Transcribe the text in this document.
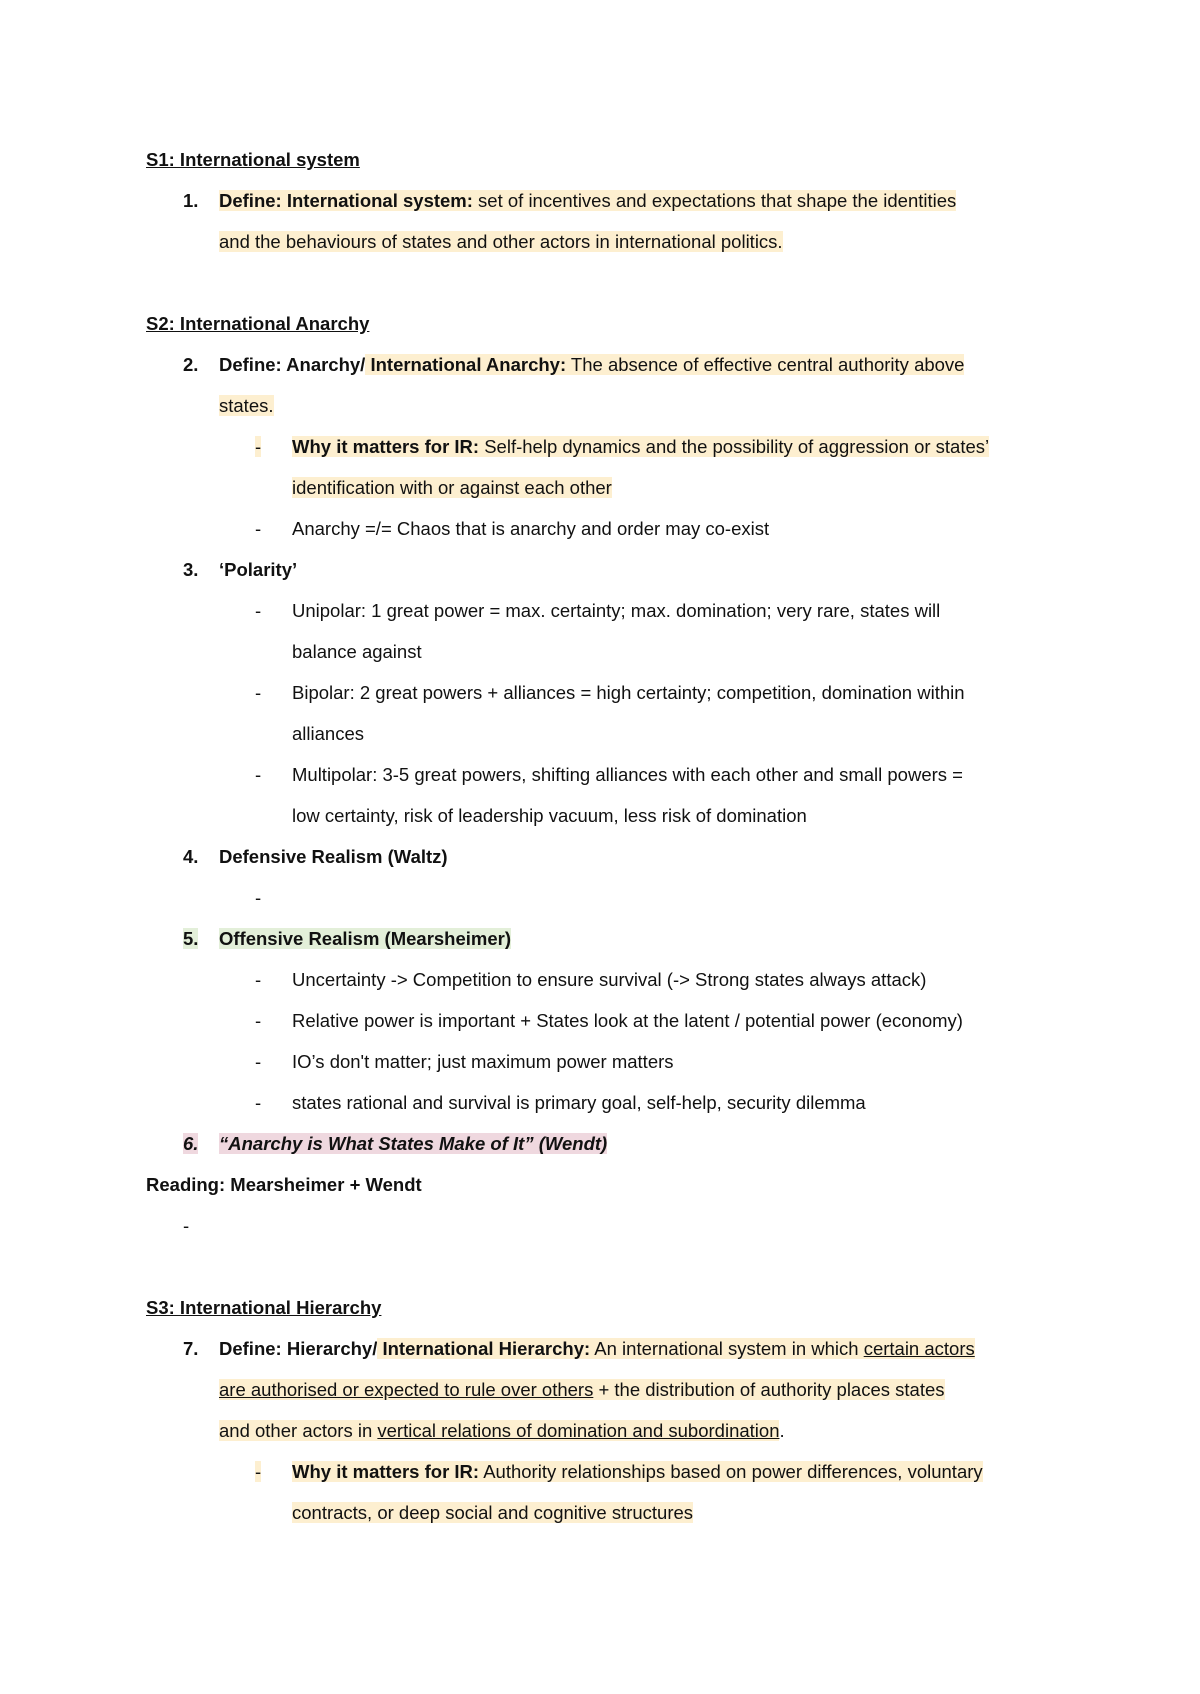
S1: International system
1. Define: International system: set of incentives and expectations that shape the identities
and the behaviours of states and other actors in international politics.
S2: International Anarchy
2. Define: Anarchy/ International Anarchy: The absence of effective central authority above
states.
- Why it matters for IR: Self-help dynamics and the possibility of aggression or states’
identification with or against each other
- Anarchy =/= Chaos that is anarchy and order may co-exist
3. ‘Polarity’
- Unipolar: 1 great power = max. certainty; max. domination; very rare, states will
balance against
- Bipolar: 2 great powers + alliances = high certainty; competition, domination within
alliances
- Multipolar: 3-5 great powers, shifting alliances with each other and small powers =
low certainty, risk of leadership vacuum, less risk of domination
4. Defensive Realism (Waltz)
-
5. Offensive Realism (Mearsheimer)
- Uncertainty -> Competition to ensure survival (-> Strong states always attack)
- Relative power is important + States look at the latent / potential power (economy)
- IO’s don't matter; just maximum power matters
- states rational and survival is primary goal, self-help, security dilemma
6. “Anarchy is What States Make of It” (Wendt)
Reading: Mearsheimer + Wendt
-
S3: International Hierarchy
7. Define: Hierarchy/ International Hierarchy: An international system in which certain actors
are authorised or expected to rule over others + the distribution of authority places states
and other actors in vertical relations of domination and subordination.
- Why it matters for IR: Authority relationships based on power differences, voluntary
contracts, or deep social and cognitive structures
